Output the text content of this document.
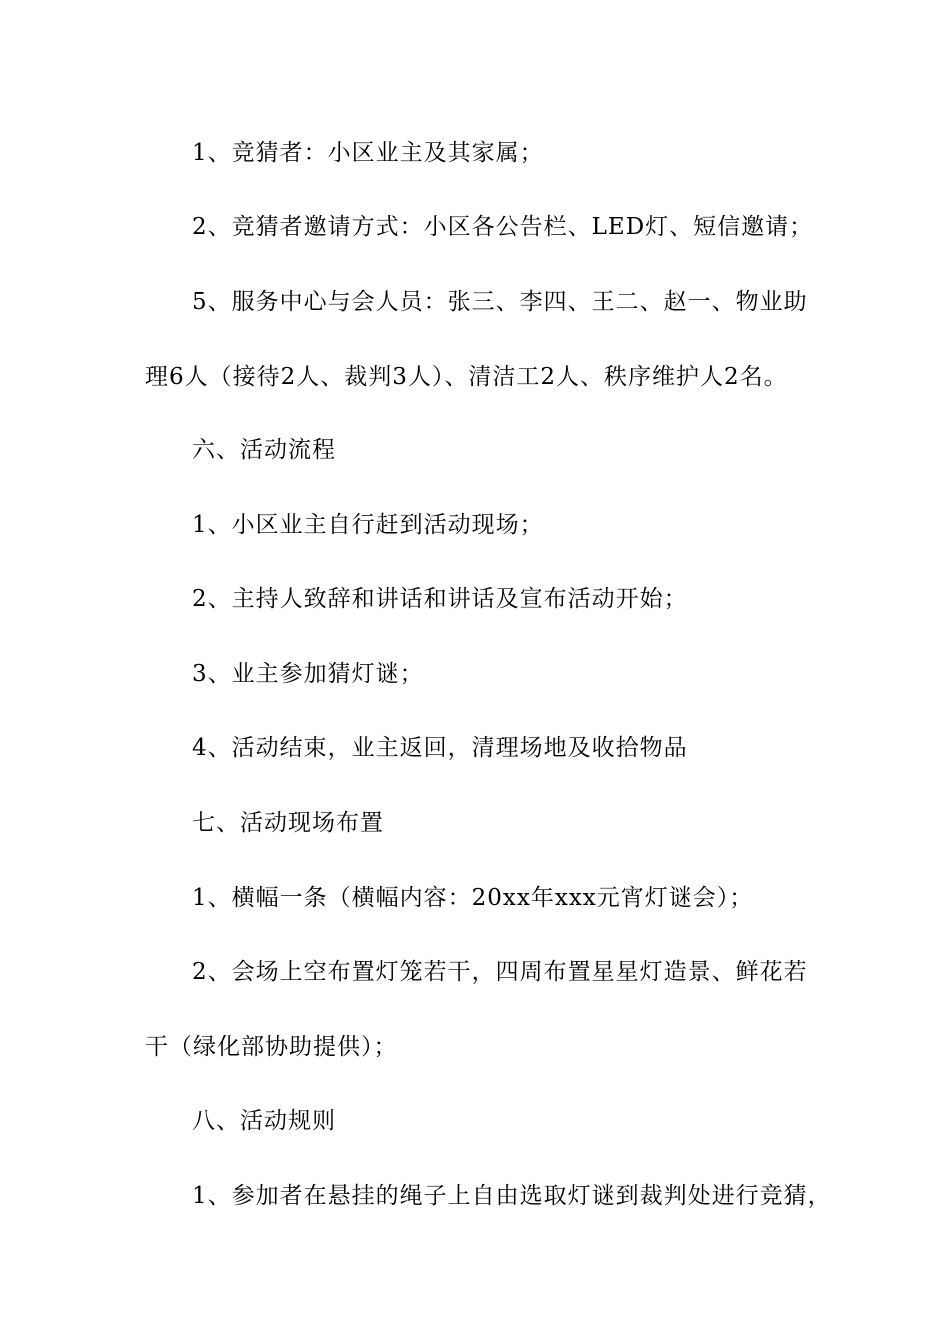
1、竞猜者：小区业主及其家属；
2、竞猜者邀请方式：小区各公告栏、LED灯、短信邀请；
5、服务中心与会人员：张三、李四、王二、赵一、物业助
理6人（接待2人、裁判3人）、清洁工2人、秩序维护人2名。
六、活动流程
1、小区业主自行赶到活动现场；
2、主持人致辞和讲话和讲话及宣布活动开始；
3、业主参加猜灯谜；
4、活动结束，业主返回，清理场地及收拾物品
七、活动现场布置
1、横幅一条（横幅内容：20xx年xxx元宵灯谜会）；
2、会场上空布置灯笼若干，四周布置星星灯造景、鲜花若
干（绿化部协助提供）；
八、活动规则
1、参加者在悬挂的绳子上自由选取灯谜到裁判处进行竞猜，
